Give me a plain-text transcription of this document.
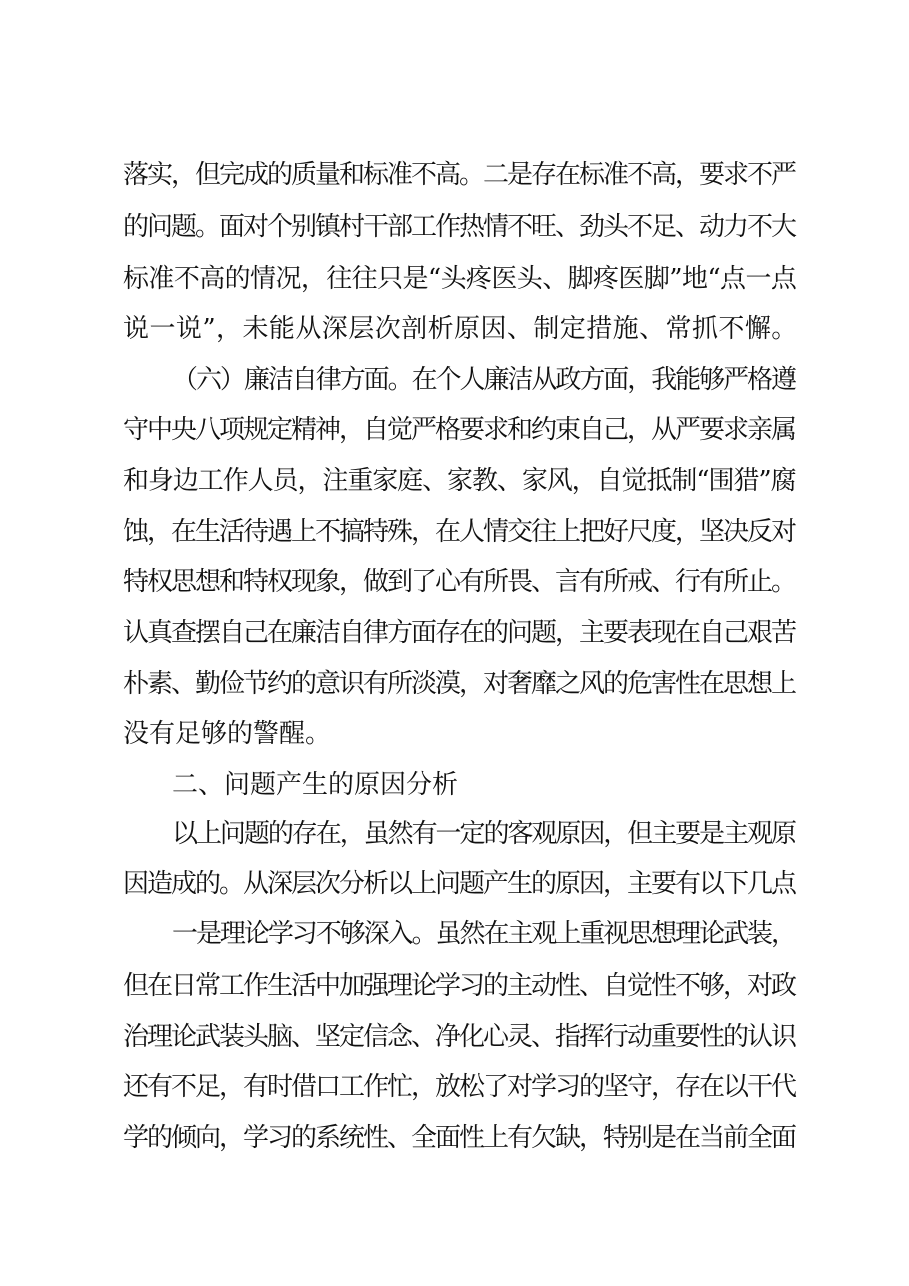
落实，但完成的质量和标准不高。二是存在标准不高，要求不严
的问题。面对个别镇村干部工作热情不旺、劲头不足、动力不大
标准不高的情况，往往只是“头疼医头、脚疼医脚”地“点一点
说一说”，未能从深层次剖析原因、制定措施、常抓不懈。
（六）廉洁自律方面。在个人廉洁从政方面，我能够严格遵
守中央八项规定精神，自觉严格要求和约束自己，从严要求亲属
和身边工作人员，注重家庭、家教、家风，自觉抵制“围猎”腐
蚀，在生活待遇上不搞特殊，在人情交往上把好尺度，坚决反对
特权思想和特权现象，做到了心有所畏、言有所戒、行有所止。
认真查摆自己在廉洁自律方面存在的问题，主要表现在自己艰苦
朴素、勤俭节约的意识有所淡漠，对奢靡之风的危害性在思想上
没有足够的警醒。
二、问题产生的原因分析
以上问题的存在，虽然有一定的客观原因，但主要是主观原
因造成的。从深层次分析以上问题产生的原因，主要有以下几点
一是理论学习不够深入。虽然在主观上重视思想理论武装，
但在日常工作生活中加强理论学习的主动性、自觉性不够，对政
治理论武装头脑、坚定信念、净化心灵、指挥行动重要性的认识
还有不足，有时借口工作忙，放松了对学习的坚守，存在以干代
学的倾向，学习的系统性、全面性上有欠缺，特别是在当前全面
